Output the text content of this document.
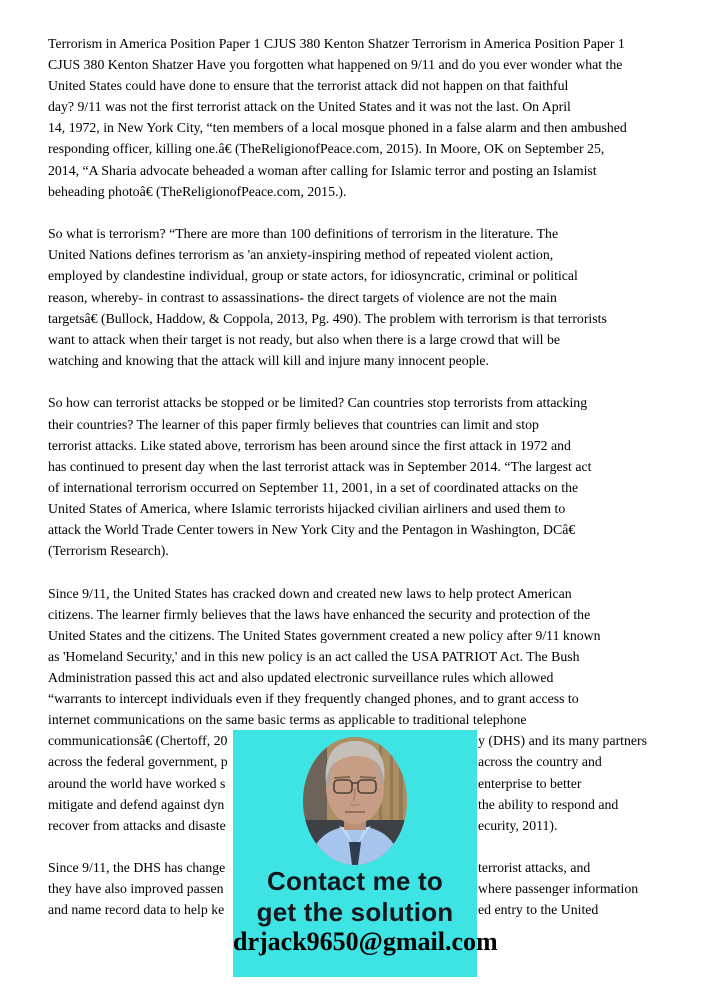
Terrorism in America Position Paper 1 CJUS 380 Kenton Shatzer Terrorism in America Position Paper 1
CJUS 380 Kenton Shatzer Have you forgotten what happened on 9/11 and do you ever wonder what the
United States could have done to ensure that the terrorist attack did not happen on that faithful
day? 9/11 was not the first terrorist attack on the United States and it was not the last. On April
14, 1972, in New York City, “ten members of a local mosque phoned in a false alarm and then ambushed
responding officer, killing one.â€ (TheReligionofPeace.com, 2015). In Moore, OK on September 25,
2014, “A Sharia advocate beheaded a woman after calling for Islamic terror and posting an Islamist
beheading photoâ€ (TheReligionofPeace.com, 2015.).
So what is terrorism? “There are more than 100 definitions of terrorism in the literature. The
United Nations defines terrorism as 'an anxiety-inspiring method of repeated violent action,
employed by clandestine individual, group or state actors, for idiosyncratic, criminal or political
reason, whereby- in contrast to assassinations- the direct targets of violence are not the main
targetsâ€ (Bullock, Haddow, & Coppola, 2013, Pg. 490). The problem with terrorism is that terrorists
want to attack when their target is not ready, but also when there is a large crowd that will be
watching and knowing that the attack will kill and injure many innocent people.
So how can terrorist attacks be stopped or be limited? Can countries stop terrorists from attacking
their countries? The learner of this paper firmly believes that countries can limit and stop
terrorist attacks. Like stated above, terrorism has been around since the first attack in 1972 and
has continued to present day when the last terrorist attack was in September 2014. “The largest act
of international terrorism occurred on September 11, 2001, in a set of coordinated attacks on the
United States of America, where Islamic terrorists hijacked civilian airliners and used them to
attack the World Trade Center towers in New York City and the Pentagon in Washington, DCâ€
(Terrorism Research).
Since 9/11, the United States has cracked down and created new laws to help protect American
citizens. The learner firmly believes that the laws have enhanced the security and protection of the
United States and the citizens. The United States government created a new policy after 9/11 known
as 'Homeland Security,' and in this new policy is an act called the USA PATRIOT Act. The Bush
Administration passed this act and also updated electronic surveillance rules which allowed
“warrants to intercept individuals even if they frequently changed phones, and to grant access to
internet communications on the same basic terms as applicable to traditional telephone
communicationsâ€ (Chertoff, 20	y (DHS) and its many partners
across the federal government, p	across the country and
around the world have worked s	enterprise to better
mitigate and defend against dyn	the ability to respond and
recover from attacks and disaste	ecurity, 2011).
Since 9/11, the DHS has change	terrorist attacks, and
they have also improved passen	where passenger information
and name record data to help ke	ed entry to the United
Contact me to
get the solution
drjack9650@gmail.com
